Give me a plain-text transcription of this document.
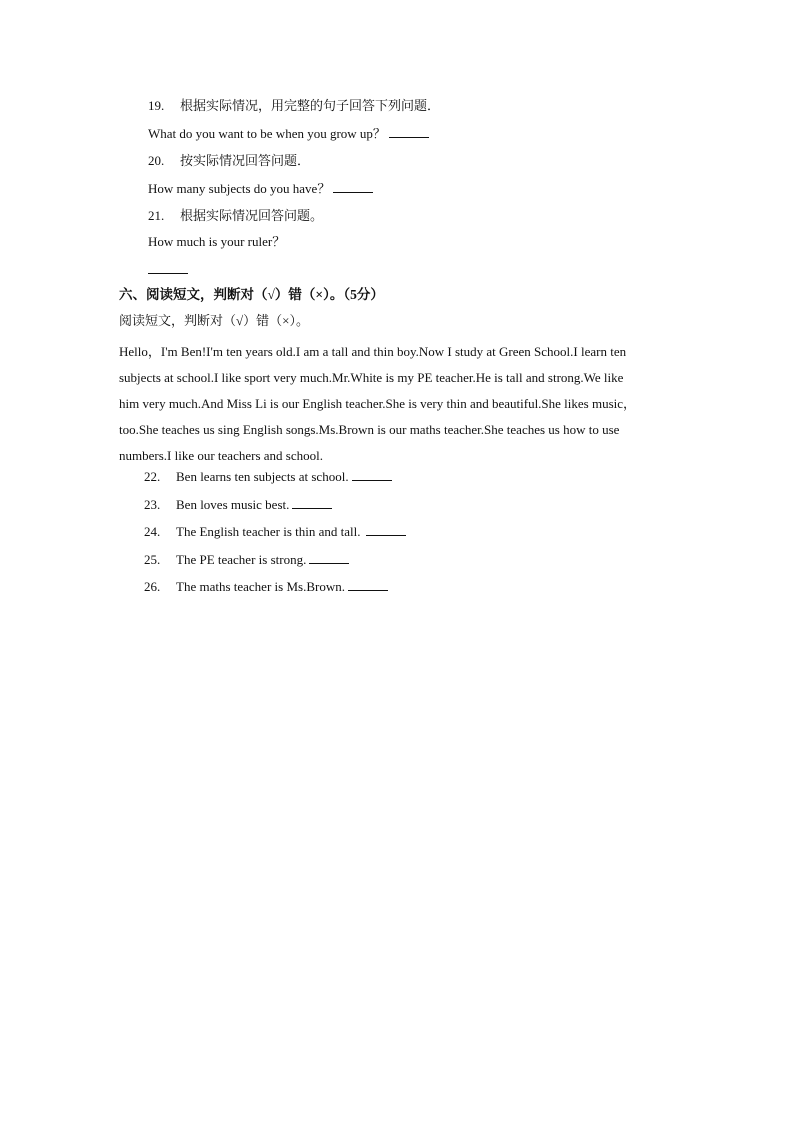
19. 根据实际情况，用完整的句子回答下列问题．
What do you want to be when you grow up？
20. 按实际情况回答问题．
How many subjects do you have？
21. 根据实际情况回答问题。
How much is your ruler？
六、阅读短文，判断对（√）错（×）。（5分）
阅读短文，判断对（√）错（×）。
Hello，I'm Ben!I'm ten years old.I am a tall and thin boy.Now I study at Green School.I learn ten
subjects at school.I like sport very much.Mr.White is my PE teacher.He is tall and strong.We like
him very much.And Miss Li is our English teacher.She is very thin and beautiful.She likes music，
too.She teaches us sing English songs.Ms.Brown is our maths teacher.She teaches us how to use
numbers.I like our teachers and school.
22. Ben learns ten subjects at school.
23. Ben loves music best.
24. The English teacher is thin and tall.
25. The PE teacher is strong.
26. The maths teacher is Ms.Brown.
